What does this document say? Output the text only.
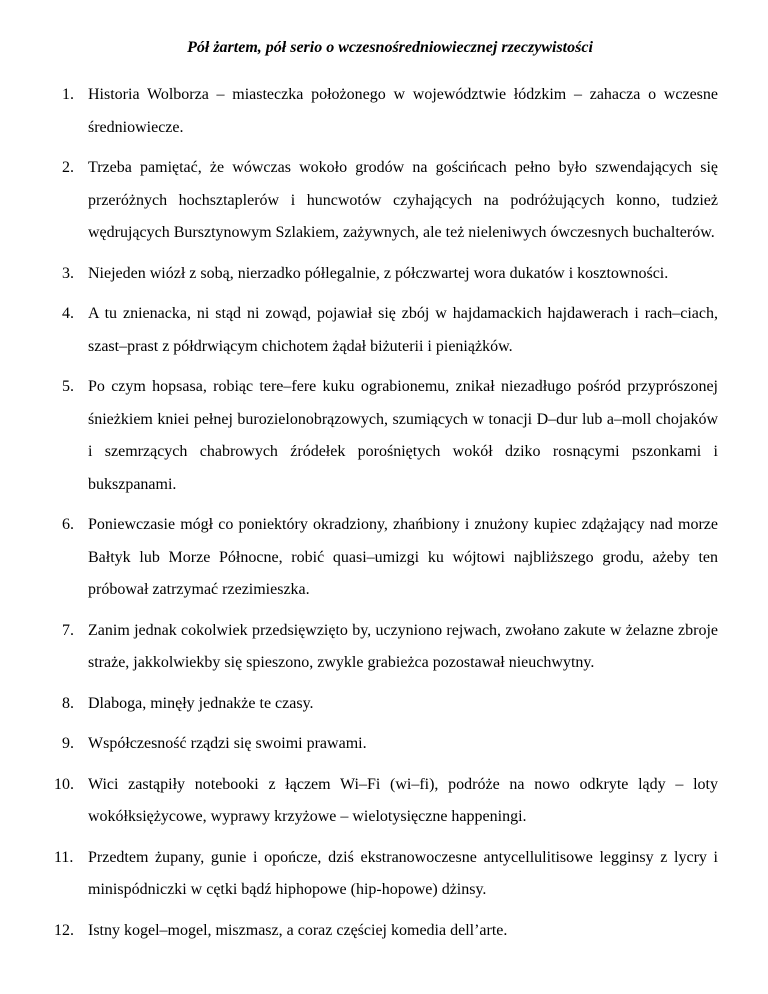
Pół żartem, pół serio o wczesnośredniowiecznej rzeczywistości
1. Historia Wolborza – miasteczka położonego w województwie łódzkim – zahacza o wczesne średniowiecze.
2. Trzeba pamiętać, że wówczas wokoło grodów na gościńcach pełno było szwendających się przeróżnych hochsztaplerów i huncwotów czyhających na podróżujących konno, tudzież wędrujących Bursztynowym Szlakiem, zażywnych, ale też nieleniwych ówczesnych buchalterów.
3. Niejeden wiózł z sobą, nierzadko półlegalnie, z półczwartej wora dukatów i kosztowności.
4. A tu znienacka, ni stąd ni zowąd, pojawiał się zbój w hajdamackich hajdawerach i rach–ciach, szast–prast z półdrwiącym chichotem żądał biżuterii i pieniążków.
5. Po czym hopsasa, robiąc tere–fere kuku ograbionemu, znikał niezadługo pośród przyprószonej śnieżkiem kniei pełnej burozielonobrązowych, szumiących w tonacji D–dur lub a–moll chojaków i szemrzących chabrowych źródełek porośniętych wokół dziko rosnącymi pszonkami i bukszpanami.
6. Poniewczasie mógł co poniektóry okradziony, zhańbiony i znużony kupiec zdążający nad morze Bałtyk lub Morze Północne, robić quasi–umizgi ku wójtowi najbliższego grodu, ażeby ten próbował zatrzymać rzezimieszka.
7. Zanim jednak cokolwiek przedsięwzięto by, uczyniono rejwach, zwołano zakute w żelazne zbroje straże, jakkolwiekby się spieszono, zwykle grabieżca pozostawał nieuchwytny.
8. Dlaboga, minęły jednakże te czasy.
9. Współczesność rządzi się swoimi prawami.
10. Wici zastąpiły notebooki z łączem Wi–Fi (wi–fi), podróże na nowo odkryte lądy – loty wokółksiężycowe, wyprawy krzyżowe – wielotysięczne happeningi.
11. Przedtem żupany, gunie i opończe, dziś ekstranowoczesne antycellulitisowe legginsy z lycry i minispódniczki w cętki bądź hiphopowe (hip-hopowe) dżinsy.
12. Istny kogel–mogel, miszmasz, a coraz częściej komedia dell’arte.
